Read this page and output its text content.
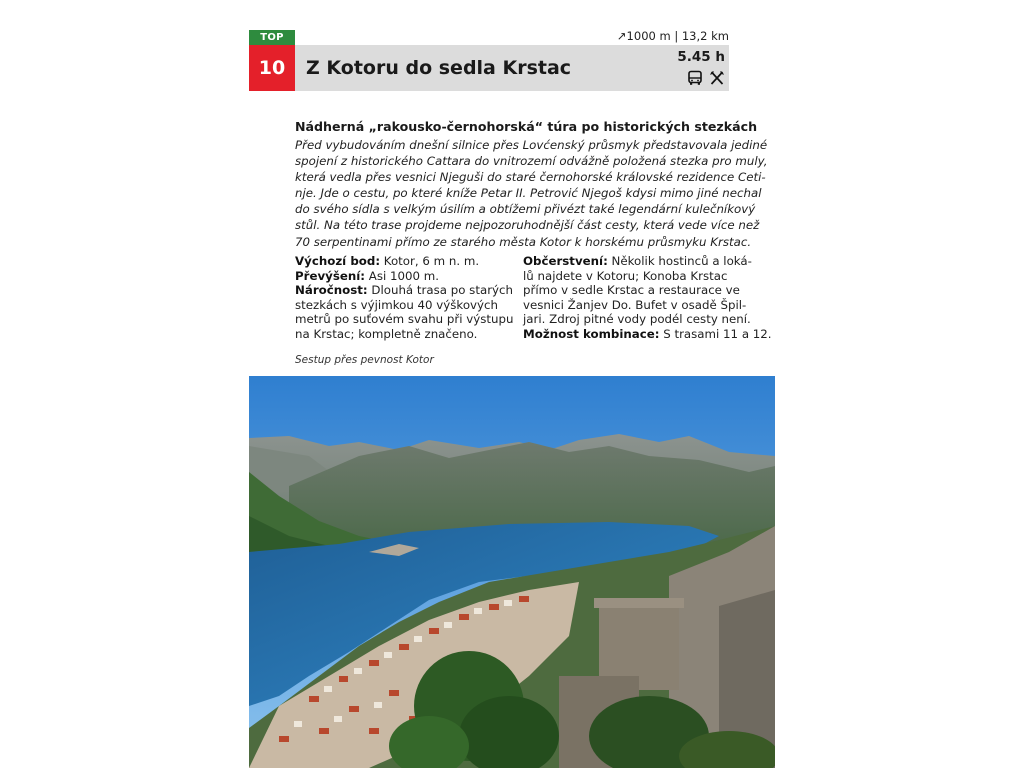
TOP
10
↗1000 m | 13,2 km
Z Kotoru do sedla Krstac	5.45 h
Nádherná „rakousko-černohorská“ túra po historických stezkách
Před vybudováním dnešní silnice přes Lovćenský průsmyk představovala jediné
spojení z historického Cattara do vnitrozemí odvážně položená stezka pro muly,
která vedla přes vesnici Njeguši do staré černohorské královské rezidence Ceti-
nje. Jde o cestu, po které kníže Petar II. Petrović Njegoš kdysi mimo jiné nechal
do svého sídla s velkým úsilím a obtížemi přivézt také legendární kulečníkový
stůl. Na této trase projdeme nejpozoruhodnější část cesty, která vede více než
70 serpentinami přímo ze starého města Kotor k horskému průsmyku Krstac.
Výchozí bod: Kotor, 6 m n. m.
Převýšení: Asi 1000 m.
Náročnost: Dlouhá trasa po starých
stezkách s výjimkou 40 výškových
metrů po suťovém svahu při výstupu
na Krstac; kompletně značeno.
Občerstvení: Několik hostinců a loká-
lů najdete v Kotoru; Konoba Krstac
přímo v sedle Krstac a restaurace ve
vesnici Žanjev Do. Bufet v osadě Špil-
jari. Zdroj pitné vody podél cesty není.
Možnost kombinace: S trasami 11 a 12.
Sestup přes pevnost Kotor
